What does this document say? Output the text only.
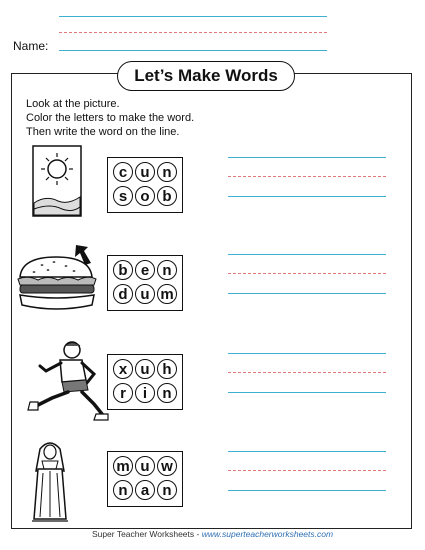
Name:
Let’s Make Words
Look at the picture.
Color the letters to make the word.
Then write the word on the line.
c u n
s o b
b e n
d u m
x u h
r	i	n
m u w
n a n
Super Teacher Worksheets - www.superteacherworksheets.com
